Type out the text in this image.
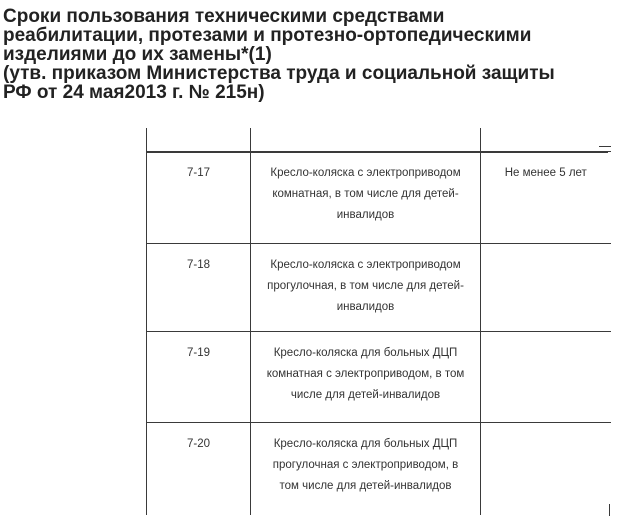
Сроки пользования техническими средствами
реабилитации, протезами и протезно-ортопедическими
изделиями до их замены*(1)
(утв. приказом Министерства труда и социальной защиты
РФ от 24 мая2013 г. № 215н)
7-17	Кресло-коляска с электроприводом
комнатная, в том числе для детей-
инвалидов	Не менее 5 лет
7-18	Кресло-коляска с электроприводом
прогулочная, в том числе для детей-
инвалидов	

7-19	Кресло-коляска для больных ДЦП
комнатная с электроприводом, в том
числе для детей-инвалидов	

7-20	Кресло-коляска для больных ДЦП
прогулочная с электроприводом, в
том числе для детей-инвалидов	
